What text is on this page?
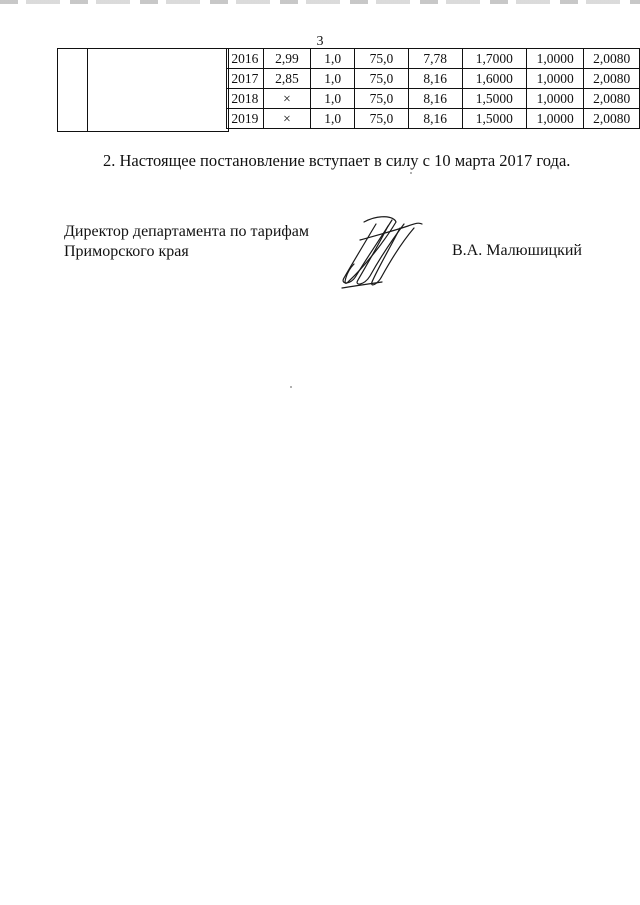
3
2016	2,99	1,0	75,0	7,78	1,7000	1,0000	2,0080
2017	2,85	1,0	75,0	8,16	1,6000	1,0000	2,0080
2018	×	1,0	75,0	8,16	1,5000	1,0000	2,0080
2019	×	1,0	75,0	8,16	1,5000	1,0000	2,0080
2. Настоящее постановление вступает в силу с 10 марта 2017 года.
Директор департамента по тарифам
Приморского края	В.А. Малюшицкий
